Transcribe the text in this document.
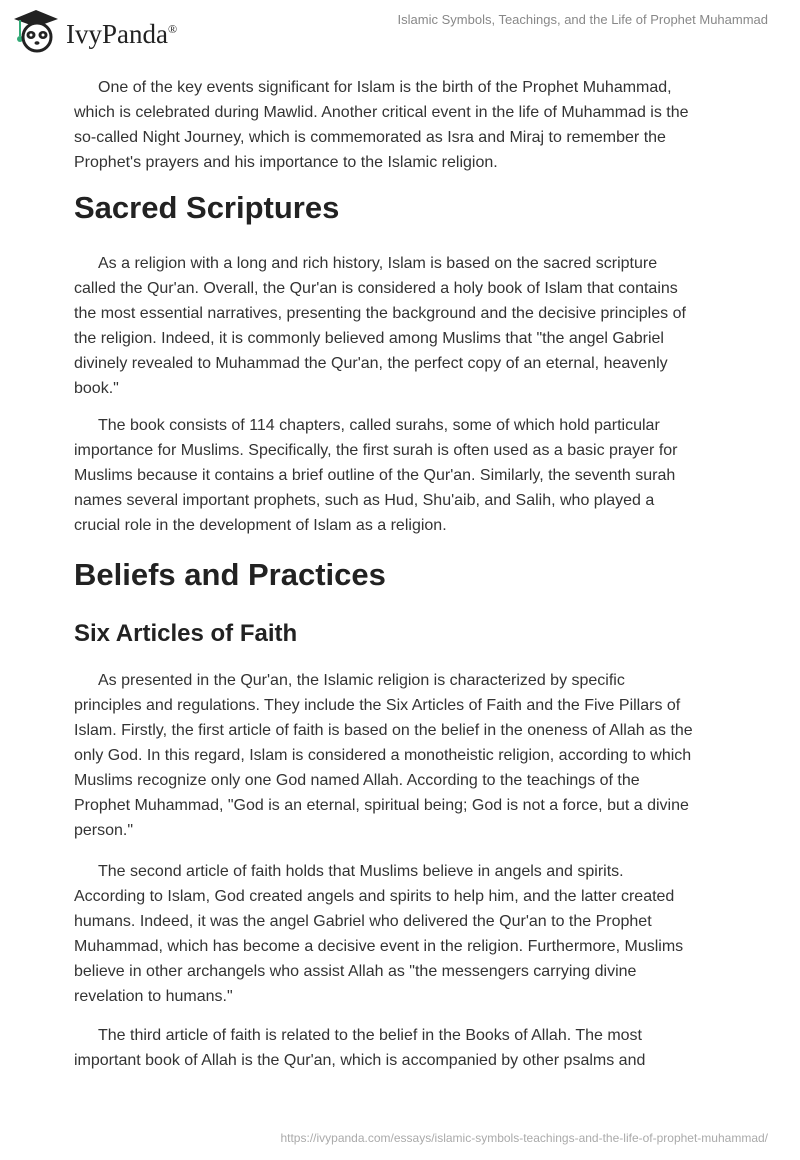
IvyPanda®
Islamic Symbols, Teachings, and the Life of Prophet Muhammad
One of the key events significant for Islam is the birth of the Prophet Muhammad,
which is celebrated during Mawlid. Another critical event in the life of Muhammad is the
so-called Night Journey, which is commemorated as Isra and Miraj to remember the
Prophet's prayers and his importance to the Islamic religion.
Sacred Scriptures
As a religion with a long and rich history, Islam is based on the sacred scripture
called the Qur'an. Overall, the Qur'an is considered a holy book of Islam that contains
the most essential narratives, presenting the background and the decisive principles of
the religion. Indeed, it is commonly believed among Muslims that "the angel Gabriel
divinely revealed to Muhammad the Qur'an, the perfect copy of an eternal, heavenly
book."
The book consists of 114 chapters, called surahs, some of which hold particular
importance for Muslims. Specifically, the first surah is often used as a basic prayer for
Muslims because it contains a brief outline of the Qur'an. Similarly, the seventh surah
names several important prophets, such as Hud, Shu'aib, and Salih, who played a
crucial role in the development of Islam as a religion.
Beliefs and Practices
Six Articles of Faith
As presented in the Qur'an, the Islamic religion is characterized by specific
principles and regulations. They include the Six Articles of Faith and the Five Pillars of
Islam. Firstly, the first article of faith is based on the belief in the oneness of Allah as the
only God. In this regard, Islam is considered a monotheistic religion, according to which
Muslims recognize only one God named Allah. According to the teachings of the
Prophet Muhammad, "God is an eternal, spiritual being; God is not a force, but a divine
person."
The second article of faith holds that Muslims believe in angels and spirits.
According to Islam, God created angels and spirits to help him, and the latter created
humans. Indeed, it was the angel Gabriel who delivered the Qur'an to the Prophet
Muhammad, which has become a decisive event in the religion. Furthermore, Muslims
believe in other archangels who assist Allah as "the messengers carrying divine
revelation to humans."
The third article of faith is related to the belief in the Books of Allah. The most
important book of Allah is the Qur'an, which is accompanied by other psalms and
https://ivypanda.com/essays/islamic-symbols-teachings-and-the-life-of-prophet-muhammad/
